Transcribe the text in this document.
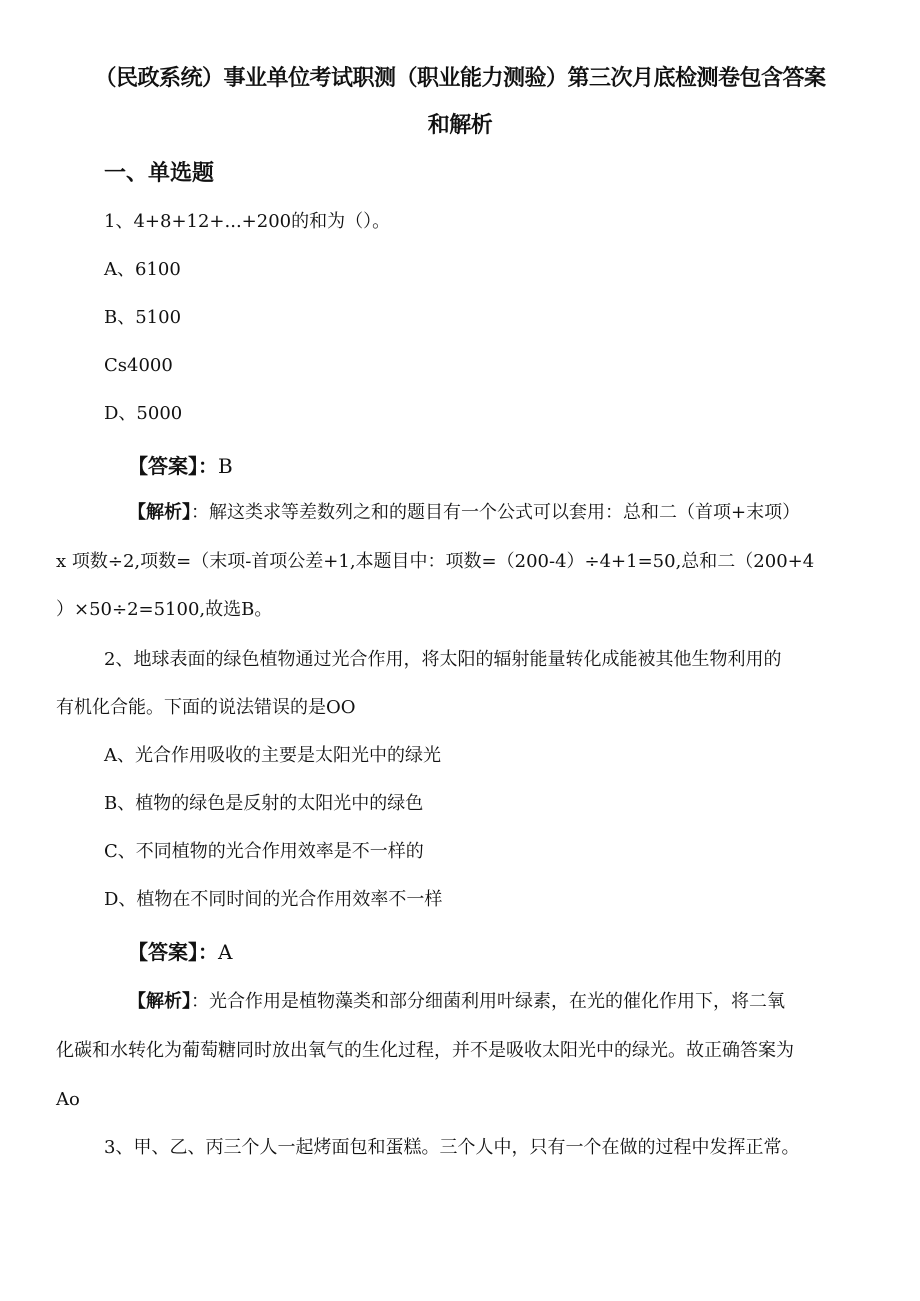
（民政系统）事业单位考试职测（职业能力测验）第三次月底检测卷包含答案
和解析
一、单选题
1、4+8+12+...+200的和为（）。
A、6100
B、5100
Cs4000
D、5000
【答案】：B
【解析】：解这类求等差数列之和的题目有一个公式可以套用：总和二（首项+末项）
x 项数÷2,项数=（末项-首项公差+1,本题目中：项数=（200-4）÷4+1=50,总和二（200+4
）×50÷2=5100,故选B。
2、地球表面的绿色植物通过光合作用，将太阳的辐射能量转化成能被其他生物利用的
有机化合能。下面的说法错误的是OO
A、光合作用吸收的主要是太阳光中的绿光
B、植物的绿色是反射的太阳光中的绿色
C、不同植物的光合作用效率是不一样的
D、植物在不同时间的光合作用效率不一样
【答案】：A
【解析】：光合作用是植物藻类和部分细菌利用叶绿素，在光的催化作用下，将二氧
化碳和水转化为葡萄糖同时放出氧气的生化过程，并不是吸收太阳光中的绿光。故正确答案为
Ao
3、甲、乙、丙三个人一起烤面包和蛋糕。三个人中，只有一个在做的过程中发挥正常。
